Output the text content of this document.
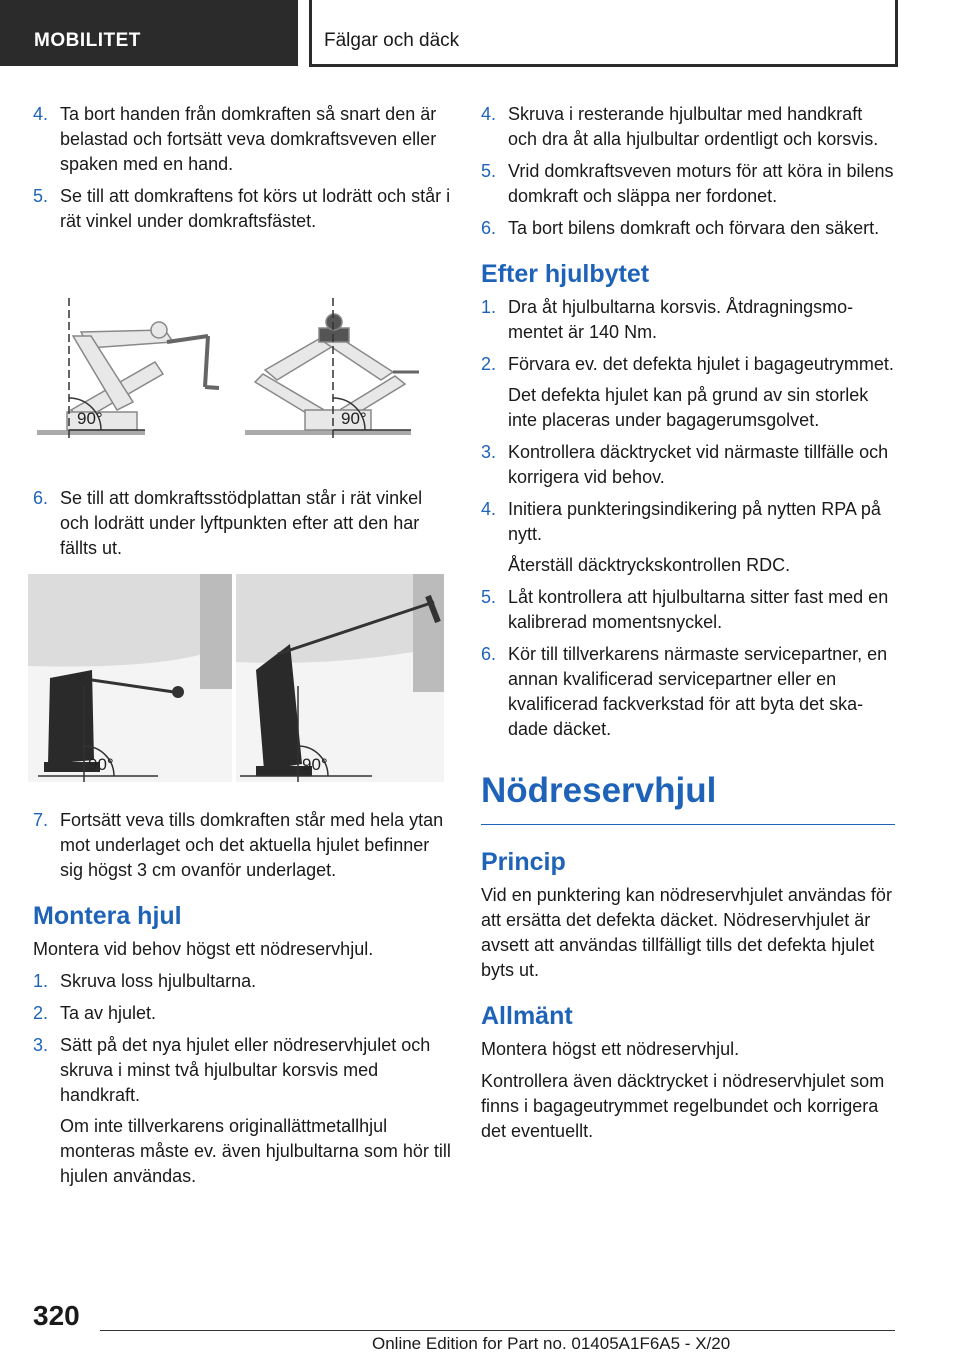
MOBILITET	Fälgar och däck
4. Ta bort handen från domkraften så snart den är belastad och fortsätt veva domkraftsveven eller spaken med en hand.
5. Se till att domkraftens fot körs ut lodrätt och står i rät vinkel under domkraftsfästet.
90°	90°
6. Se till att domkraftsstödplattan står i rät vinkel och lodrätt under lyftpunkten efter att den har fällts ut.
90°	90°
7. Fortsätt veva tills domkraften står med hela ytan mot underlaget och det aktuella hjulet befinner sig högst 3 cm ovanför underlaget.
Montera hjul
Montera vid behov högst ett nödreservhjul.
1. Skruva loss hjulbultarna.
2. Ta av hjulet.
3. Sätt på det nya hjulet eller nödreservhjulet och skruva i minst två hjulbultar korsvis med handkraft.
Om inte tillverkarens originallättmetallhjul monteras måste ev. även hjulbultarna som hör till hjulen användas.
4. Skruva i resterande hjulbultar med handkraft och dra åt alla hjulbultar ordentligt och korsvis.
5. Vrid domkraftsveven moturs för att köra in bilens domkraft och släppa ner fordonet.
6. Ta bort bilens domkraft och förvara den säkert.
Efter hjulbytet
1. Dra åt hjulbultarna korsvis. Åtdragningsmomentet är 140 Nm.
2. Förvara ev. det defekta hjulet i bagageutrymmet.
Det defekta hjulet kan på grund av sin storlek inte placeras under bagagerumsgolvet.
3. Kontrollera däcktrycket vid närmaste tillfälle och korrigera vid behov.
4. Initiera punkteringsindikering på nytten RPA på nytt.
Återställ däcktryckskontrollen RDC.
5. Låt kontrollera att hjulbultarna sitter fast med en kalibrerad momentsnyckel.
6. Kör till tillverkarens närmaste servicepartner, en annan kvalificerad servicepartner eller en kvalificerad fackverkstad för att byta det skadade däcket.
Nödreservhjul
Princip
Vid en punktering kan nödreservhjulet användas för att ersätta det defekta däcket. Nödreservhjulet är avsett att användas tillfälligt tills det defekta hjulet byts ut.
Allmänt
Montera högst ett nödreservhjul.
Kontrollera även däcktrycket i nödreservhjulet som finns i bagageutrymmet regelbundet och korrigera det eventuellt.
320
Online Edition for Part no. 01405A1F6A5 - X/20
